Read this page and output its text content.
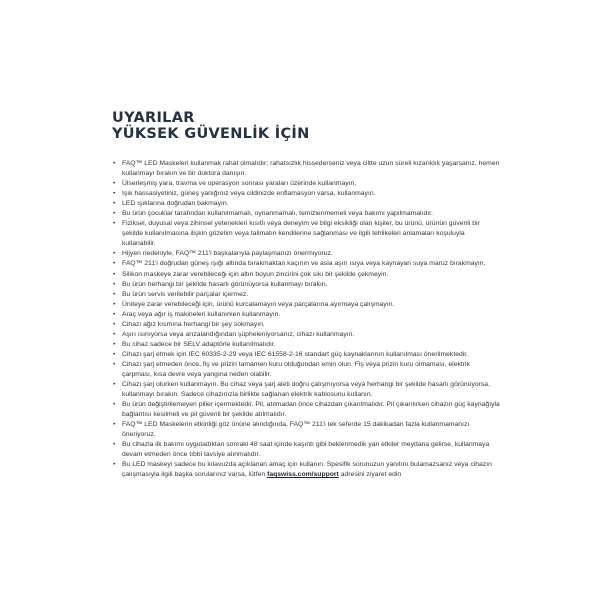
UYARILAR
YÜKSEK GÜVENLİK İÇİN
• FAQ™ LED Maskeleri kullanmak rahat olmalıdır; rahatsızlık hissederseniz veya ciltte uzun süreli kızarıklık yaşarsanız, hemen kullanmayı bırakın ve bir doktora danışın.
• Ülserleşmiş yara, travma ve operasyon sonrası yaraları üzerinde kullanmayın.
• Işık hassasiyetiniz, güneş yanığınız veya cildinizde enflamasyon varsa, kullanmayın.
• LED ışıklarına doğrudan bakmayın.
• Bu ürün çocuklar tarafından kullanılmamalı, oynanmamalı, temizlenmemeli veya bakımı yapılmamalıdır.
• Fiziksel, duyusal veya zihinsel yetenekleri kısıtlı veya deneyim ve bilgi eksikliği olan kişiler, bu ürünü, ürünün güvenli bir şekilde kullanılmasına ilişkin gözetim veya talimatın kendilerine sağlanması ve ilgili tehlikeleri anlamaları koşuluyla kullanabilir.
• Hijyen nedeniyle, FAQ™ 211'i başkalarıyla paylaşmanızı önermiyoruz.
• FAQ™ 211'i doğrudan güneş ışığı altında bırakmaktan kaçının ve asla aşırı ısıya veya kaynayan suya maruz bırakmayın.
• Silikon maskeye zarar verebileceği için altın boyun zincirini çok sıkı bir şekilde çekmeyin.
• Bu ürün herhangi bir şekilde hasarlı görünüyorsa kullanmayı bırakın.
• Bu ürün servis verilebilir parçalar içermez.
• Üniteye zarar verebileceği için, ürünü kurcalamayın veya parçalarına ayırmaya çalışmayın.
• Araç veya ağır iş makineleri kullanırken kullanmayın.
• Cihazı ağız kısmına herhangi bir şey sokmayın.
• Aşırı ısınıyorsa veya arızalandığından şüpheleniyorsanız, cihazı kullanmayın.
• Bu cihaz sadece bir SELV adaptörle kullanılmalıdır.
• Cihazı şarj etmek için IEC 60335-2-29 veya IEC 61558-2-16 standart güç kaynaklarının kullanılması önerilmektedir.
• Cihazı şarj etmeden önce, fiş ve prizin tamamen kuru olduğundan emin olun. Fiş veya prizin kuru olmaması, elektrik çarpması, kısa devre veya yangına neden olabilir.
• Cihazı şarj olurken kullanmayın. Bu cihaz veya şarj aleti doğru çalışmıyorsa veya herhangi bir şekilde hasarlı görünüyorsa, kullanmayı bırakın. Sadece cihazınızla birlikte sağlanan elektrik kablosunu kullanın.
• Bu ürün değiştirilemeyen piller içermektedir. Pil, atılmadan önce cihazdan çıkarılmalıdır. Pil çıkarılırken cihazın güç kaynağıyla bağlantısı kesilmeli ve pil güvenli bir şekilde atılmalıdır.
• FAQ™ LED Maskelerin etkinliği göz önüne alındığında, FAQ™ 211'i tek seferde 15 dakikadan fazla kullanmamanızı öneriyoruz.
• Bu cihazla ilk bakımı uyguladıktan sonraki 48 saat içinde kaşıntı gibi beklenmedik yan etkiler meydana gelirse, kullanmaya devam etmeden önce tıbbi tavsiye alınmalıdır.
• Bu LED maskeyi sadece bu kılavuzda açıklanan amaç için kullanın. Spesifik sorunuzun yanıtını bulamazsanız veya cihazın çalışmasıyla ilgili başka sorularınız varsa, lütfen faqswiss.com/support adresini ziyaret edin
